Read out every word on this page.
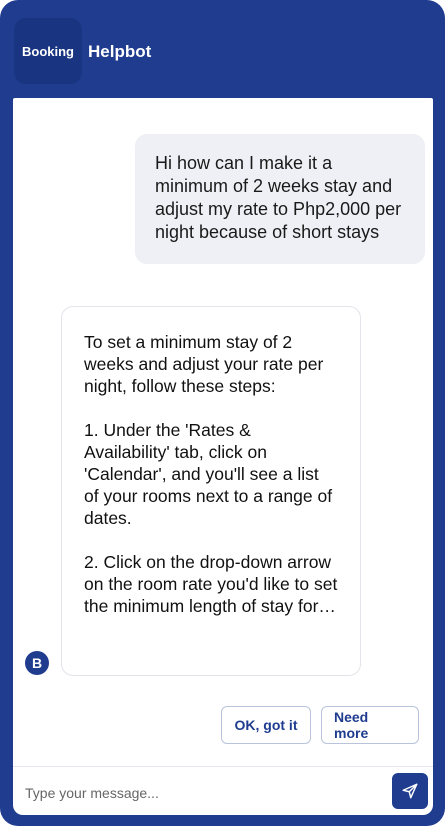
Booking Helpbot
Hi how can I make it a minimum of 2 weeks stay and adjust my rate to Php2,000 per night because of short stays

To set a minimum stay of 2 weeks and adjust your rate per night, follow these steps:

1. Under the 'Rates & Availability' tab, click on 'Calendar', and you'll see a list of your rooms next to a range of dates.

2. Click on the drop-down arrow on the room rate you'd like to set the minimum length of stay for…

B
OK, got it	Need more
Type your message...
